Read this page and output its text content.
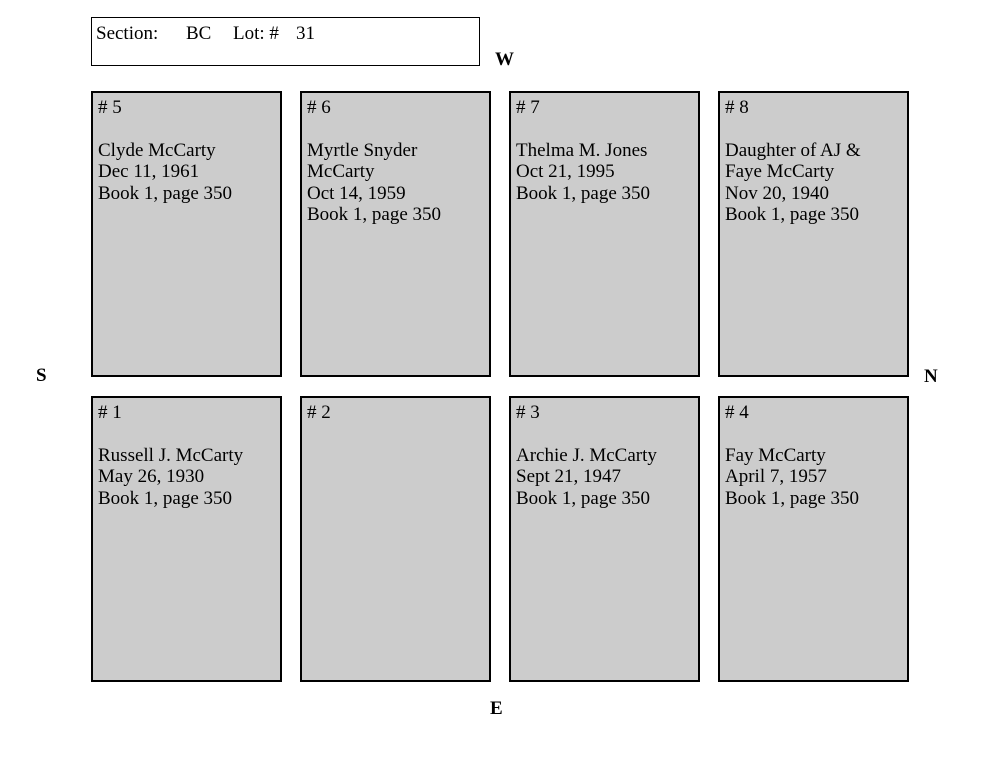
Section: BC Lot: # 31
W
E
S	N
# 5
Clyde McCarty
Dec 11, 1961
Book 1, page 350
# 6
Myrtle Snyder
McCarty
Oct 14, 1959
Book 1, page 350
# 7
Thelma M. Jones
Oct 21, 1995
Book 1, page 350
# 8
Daughter of AJ &
Faye McCarty
Nov 20, 1940
Book 1, page 350
# 1
Russell J. McCarty
May 26, 1930
Book 1, page 350
# 2	# 3
Archie J. McCarty
Sept 21, 1947
Book 1, page 350
# 4
Fay McCarty
April 7, 1957
Book 1, page 350
